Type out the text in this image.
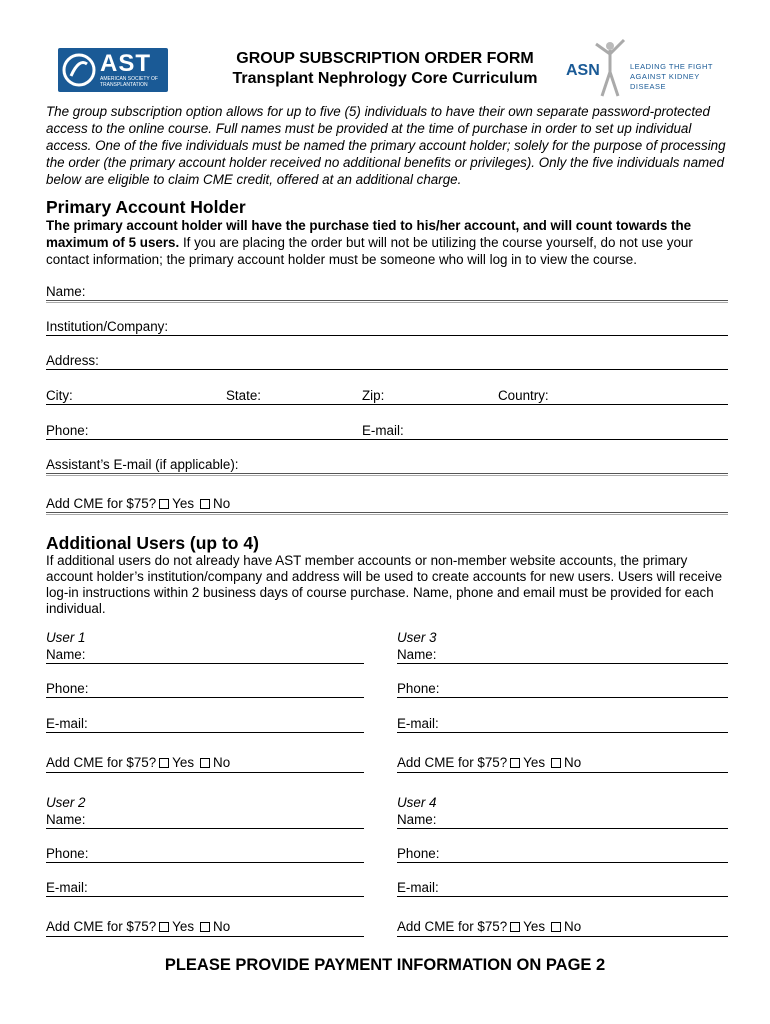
AST
AMERICAN SOCIETY OF TRANSPLANTATION
GROUP SUBSCRIPTION ORDER FORM
Transplant Nephrology Core Curriculum	ASN	LEADING THE FIGHT
AGAINST KIDNEY DISEASE

The group subscription option allows for up to five (5) individuals to have their own separate password-protected access to the online course. Full names must be provided at the time of purchase in order to set up individual access. One of the five individuals must be named the primary account holder; solely for the purpose of processing the order (the primary account holder received no additional benefits or privileges). Only the five individuals named below are eligible to claim CME credit, offered at an additional charge.

Primary Account Holder

The primary account holder will have the purchase tied to his/her account, and will count towards the maximum of 5 users. If you are placing the order but will not be utilizing the course yourself, do not use your contact information; the primary account holder must be someone who will log in to view the course.

Name:
Institution/Company:
Address:
City:	State:	Zip:	Country:
Phone:	E-mail:
Assistant’s E-mail (if applicable):
Add CME for $75? Yes No
Additional Users (up to 4)

If additional users do not already have AST member accounts or non-member website accounts, the primary account holder’s institution/company and address will be used to create accounts for new users. Users will receive log-in instructions within 2 business days of course purchase. Name, phone and email must be provided for each individual.

User 1
Name:
Phone:
E-mail:
Add CME for $75? Yes No
User 3
Name:
Phone:
E-mail:
Add CME for $75? Yes No
User 2
Name:
Phone:
E-mail:
Add CME for $75? Yes No
User 4
Name:
Phone:
E-mail:
Add CME for $75? Yes No
PLEASE PROVIDE PAYMENT INFORMATION ON PAGE 2
